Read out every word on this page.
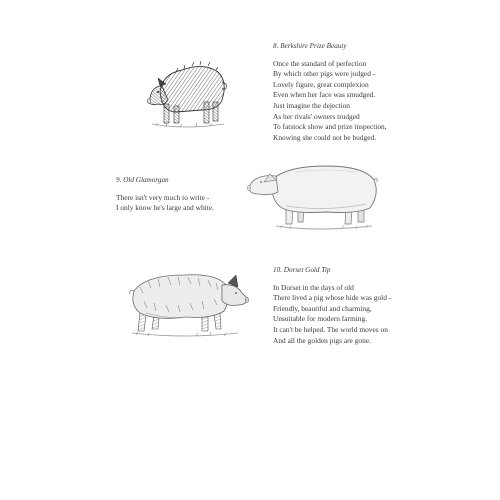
8. Berkshire Prize Beauty
Once the standard of perfection
By which other pigs were judged -
Lovely figure, great complexion
Even when her face was smudged.
Just imagine the dejection
As her rivals' owners trudged
To fatstock show and prize inspection,
Knowing she could not be budged.
9. Old Glamorgan
There isn't very much to write -
I only know he's large and white.
10. Dorset Gold Tip
In Dorset in the days of old
There lived a pig whose hide was gold -
Friendly, beautiful and charming,
Unsuitable for modern farming.
It can't be helped. The world moves on
And all the golden pigs are gone.
